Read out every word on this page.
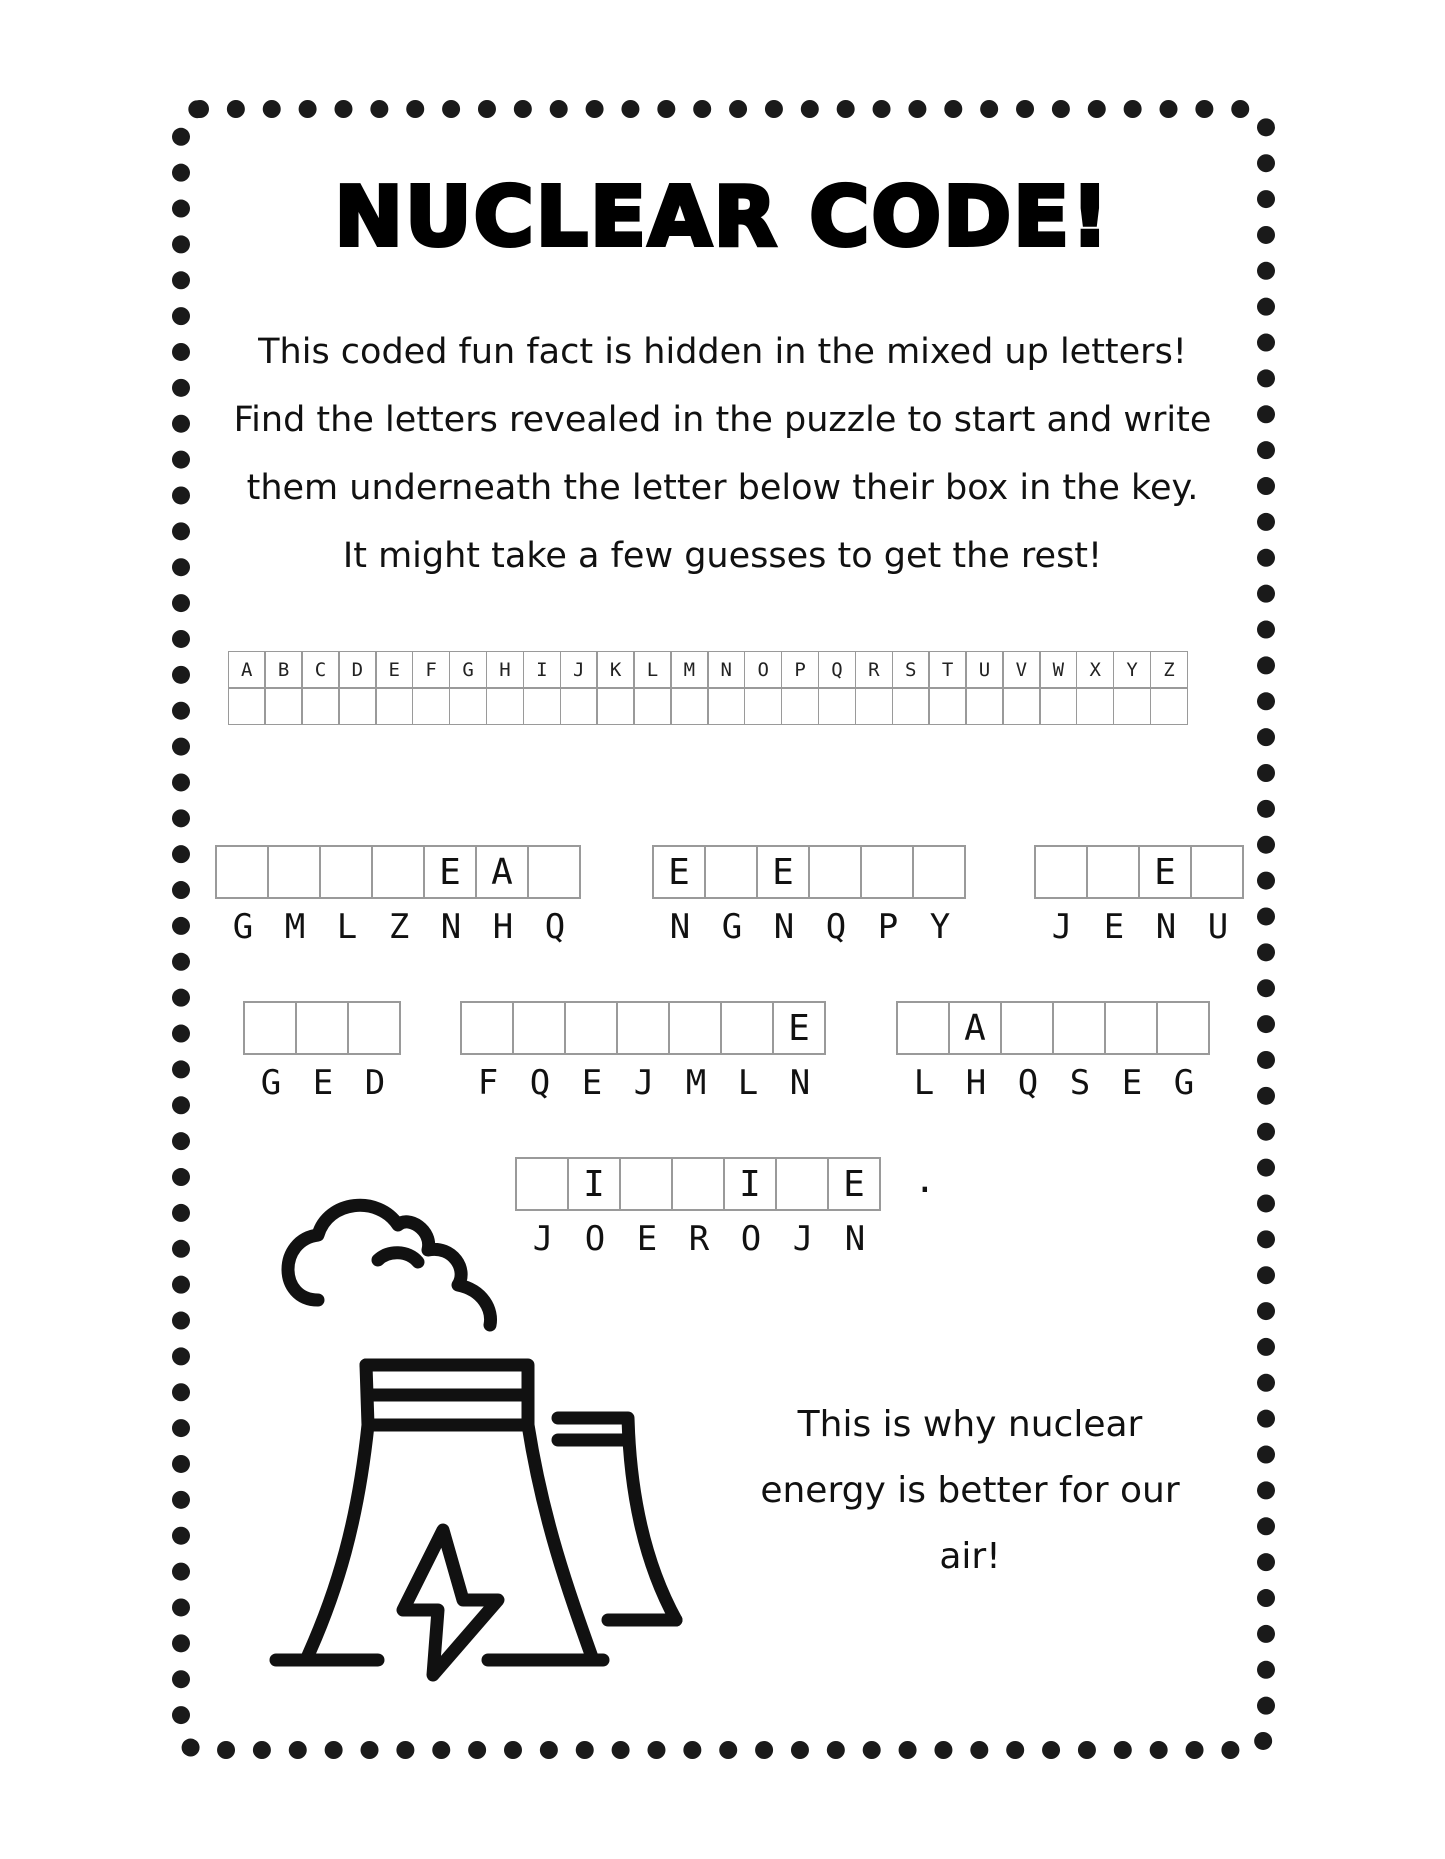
NUCLEAR CODE!
This coded fun fact is hidden in the mixed up letters! Find the letters revealed in the puzzle to start and write them underneath the letter below their box in the key. It might take a few guesses to get the rest!
A	B	C	D	E	F	G	H	I	J	K	L	M	N	O	P	Q	R	S	T	U	V	W	X	Y	Z
E A
G M L Z N H Q
E	E
N G N Q P Y
E
J E N U
G E D
E
F Q E J M L N
A
L H Q S E G
I	I	E
J O E R O J N
.
This is why nuclear energy is better for our air!
